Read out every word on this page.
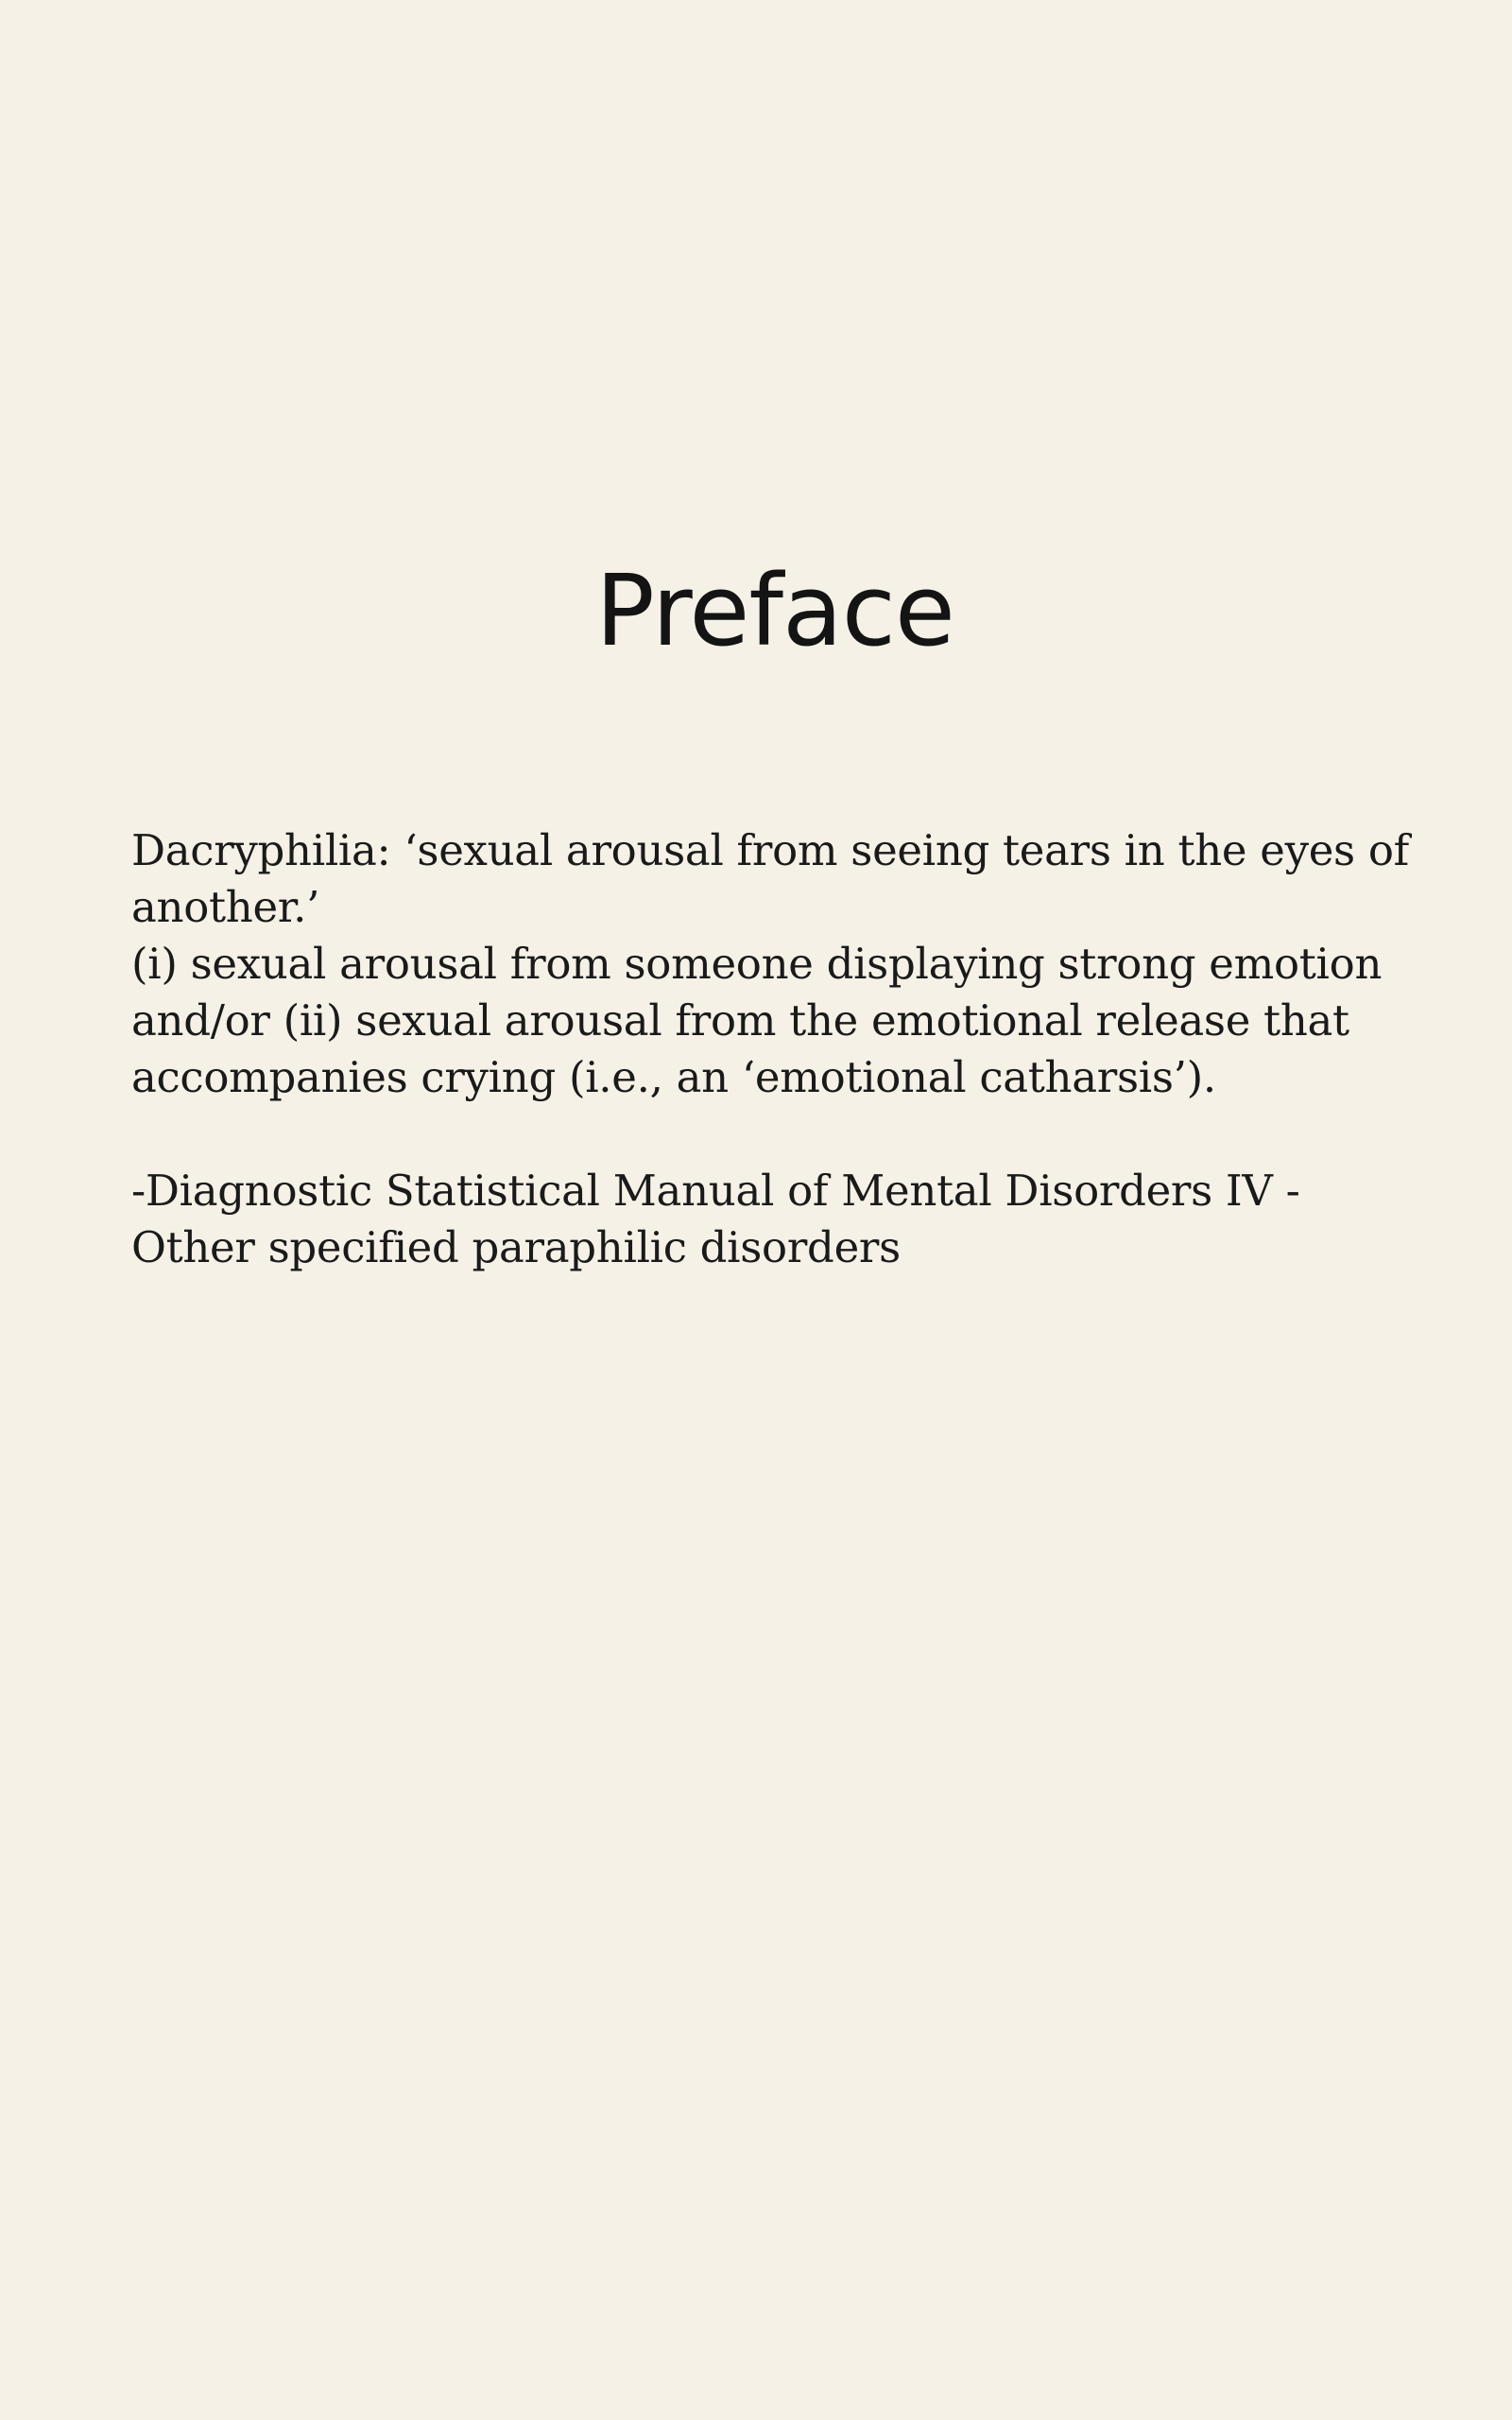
Preface
Dacryphilia: ‘sexual arousal from seeing tears in the eyes of
another.’
(i) sexual arousal from someone displaying strong emotion
and/or (ii) sexual arousal from the emotional release that
accompanies crying (i.e., an ‘emotional catharsis’).
-Diagnostic Statistical Manual of Mental Disorders IV -
Other specified paraphilic disorders
